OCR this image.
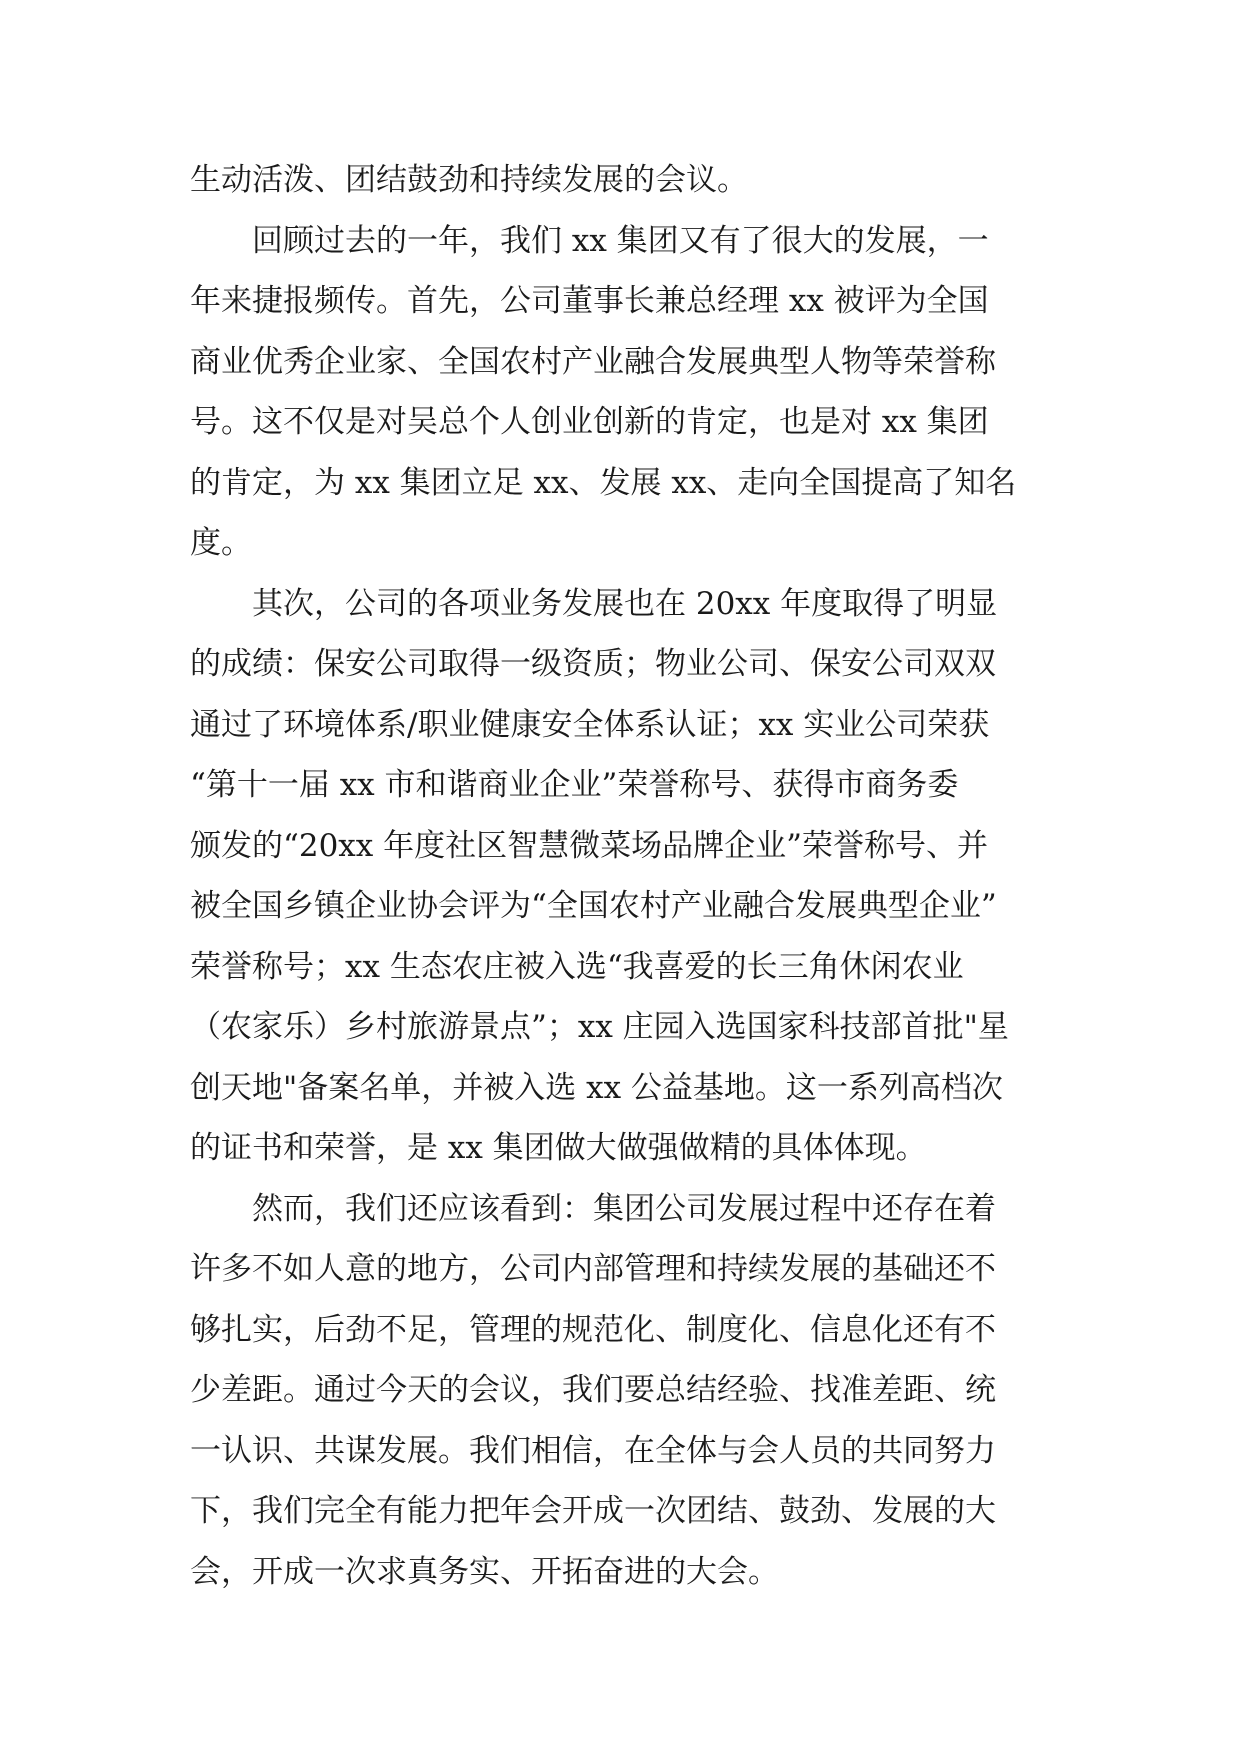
生动活泼、团结鼓劲和持续发展的会议。
回顾过去的一年，我们 xx 集团又有了很大的发展，一
年来捷报频传。首先，公司董事长兼总经理 xx 被评为全国
商业优秀企业家、全国农村产业融合发展典型人物等荣誉称
号。这不仅是对吴总个人创业创新的肯定，也是对 xx 集团
的肯定，为 xx 集团立足 xx、发展 xx、走向全国提高了知名
度。
其次，公司的各项业务发展也在 20xx 年度取得了明显
的成绩：保安公司取得一级资质；物业公司、保安公司双双
通过了环境体系/职业健康安全体系认证；xx 实业公司荣获
“第十一届 xx 市和谐商业企业”荣誉称号、获得市商务委
颁发的“20xx 年度社区智慧微菜场品牌企业”荣誉称号、并
被全国乡镇企业协会评为“全国农村产业融合发展典型企业”
荣誉称号；xx 生态农庄被入选“我喜爱的长三角休闲农业
（农家乐）乡村旅游景点”；xx 庄园入选国家科技部首批"星
创天地"备案名单，并被入选 xx 公益基地。这一系列高档次
的证书和荣誉，是 xx 集团做大做强做精的具体体现。
然而，我们还应该看到：集团公司发展过程中还存在着
许多不如人意的地方，公司内部管理和持续发展的基础还不
够扎实，后劲不足，管理的规范化、制度化、信息化还有不
少差距。通过今天的会议，我们要总结经验、找准差距、统
一认识、共谋发展。我们相信，在全体与会人员的共同努力
下，我们完全有能力把年会开成一次团结、鼓劲、发展的大
会，开成一次求真务实、开拓奋进的大会。
